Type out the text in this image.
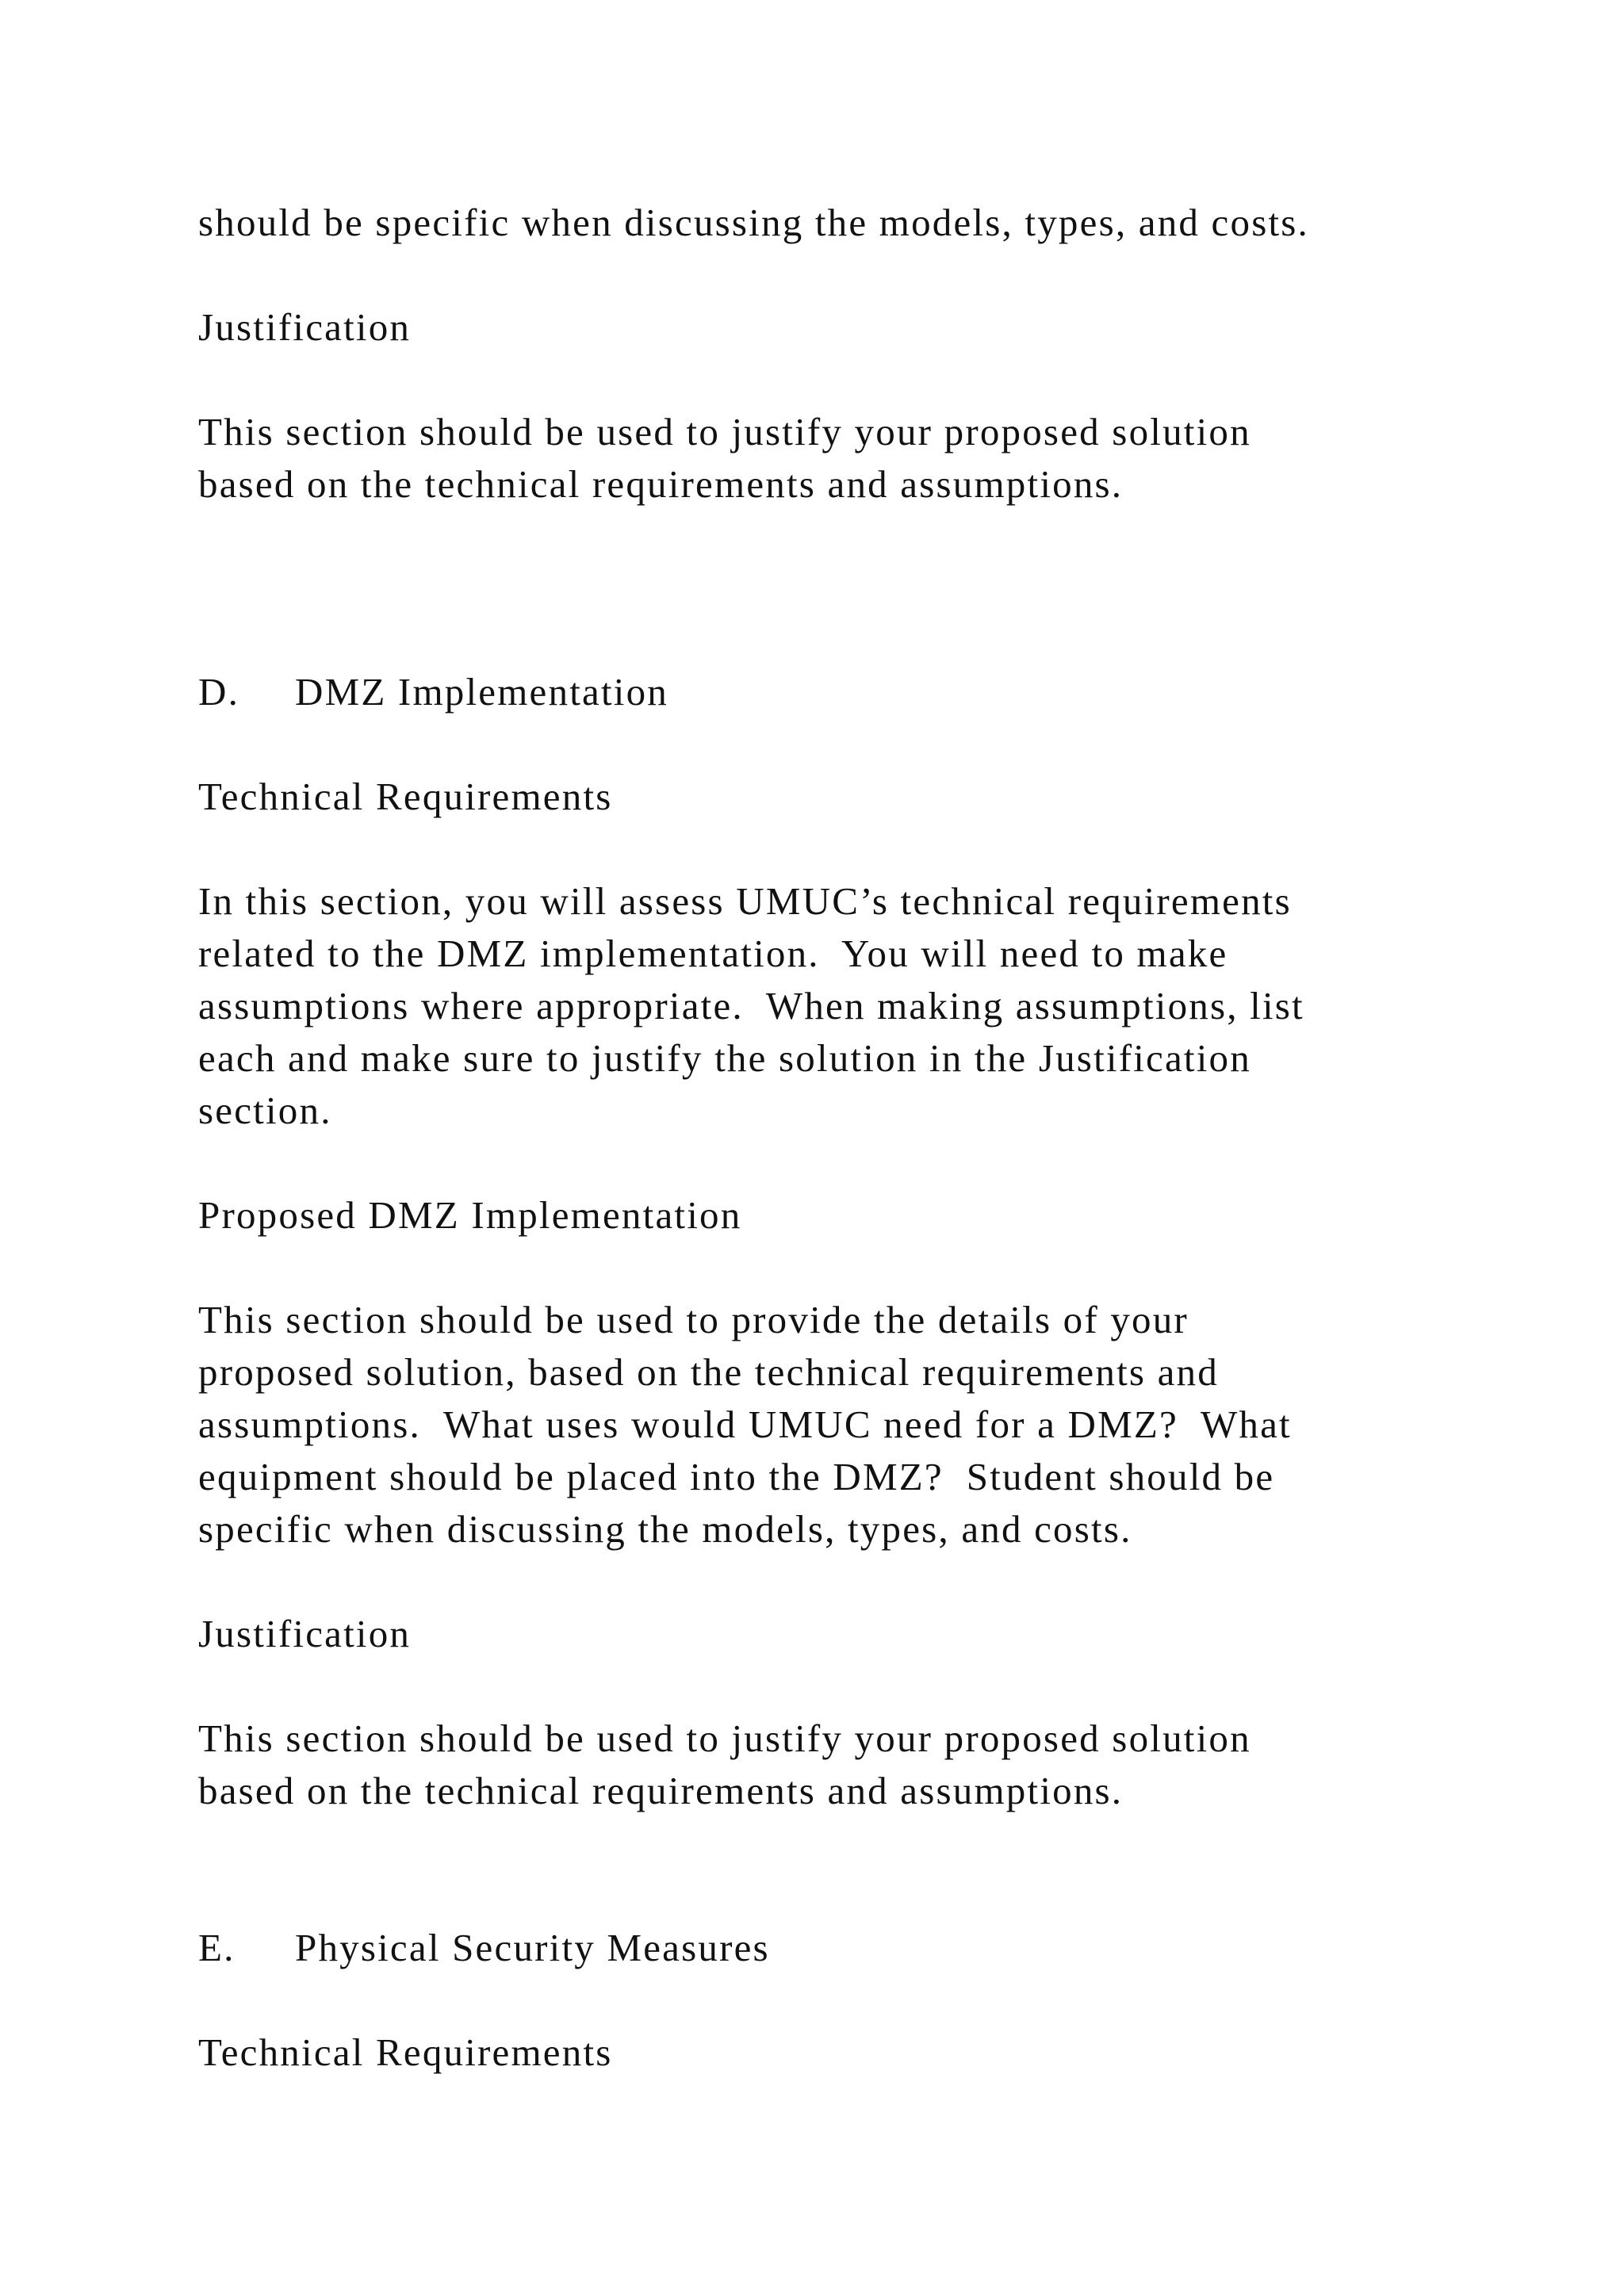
should be specific when discussing the models, types, and costs.

Justification

This section should be used to justify your proposed solution

based on the technical requirements and assumptions.

D. DMZ Implementation

Technical Requirements

In this section, you will assess UMUC’s technical requirements

related to the DMZ implementation.  You will need to make

assumptions where appropriate.  When making assumptions, list

each and make sure to justify the solution in the Justification

section.

Proposed DMZ Implementation

This section should be used to provide the details of your

proposed solution, based on the technical requirements and

assumptions.  What uses would UMUC need for a DMZ?  What

equipment should be placed into the DMZ?  Student should be

specific when discussing the models, types, and costs.

Justification

This section should be used to justify your proposed solution

based on the technical requirements and assumptions.

E. Physical Security Measures

Technical Requirements
